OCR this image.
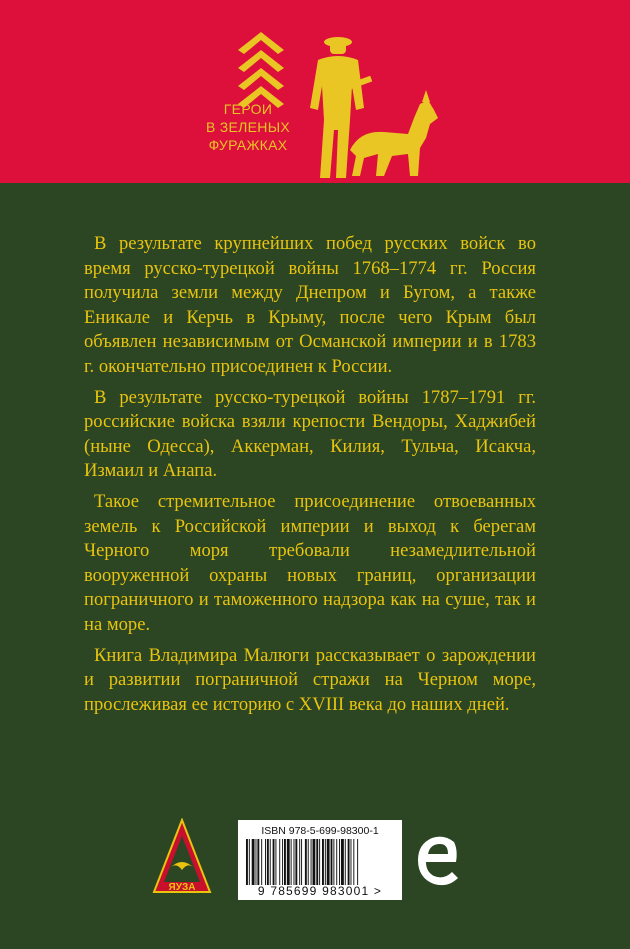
ГЕРОИ
В ЗЕЛЕНЫХ
ФУРАЖКАХ

В результате крупнейших побед русских войск во время русско-турецкой войны 1768–1774 гг. Россия получила земли между Днепром и Бугом, а также Еникале и Керчь в Крыму, после чего Крым был объявлен независимым от Османской империи и в 1783 г. окончательно присоединен к России.

В результате русско-турецкой войны 1787–1791 гг. российские войска взяли крепости Вендоры, Хаджибей (ныне Одесса), Аккерман, Килия, Тульча, Исакча, Измаил и Анапа.

Такое стремительное присоединение отвоеванных земель к Российской империи и выход к берегам Черного моря требовали незамедлительной вооруженной охраны новых границ, организации пограничного и таможенного надзора как на суше, так и на море.

Книга Владимира Малюги рассказывает о зарождении и развитии пограничной стражи на Черном море, прослеживая ее историю с XVIII века до наших дней.

ЯУЗА
ISBN 978-5-699-98300-1
9 785699 983001 >
